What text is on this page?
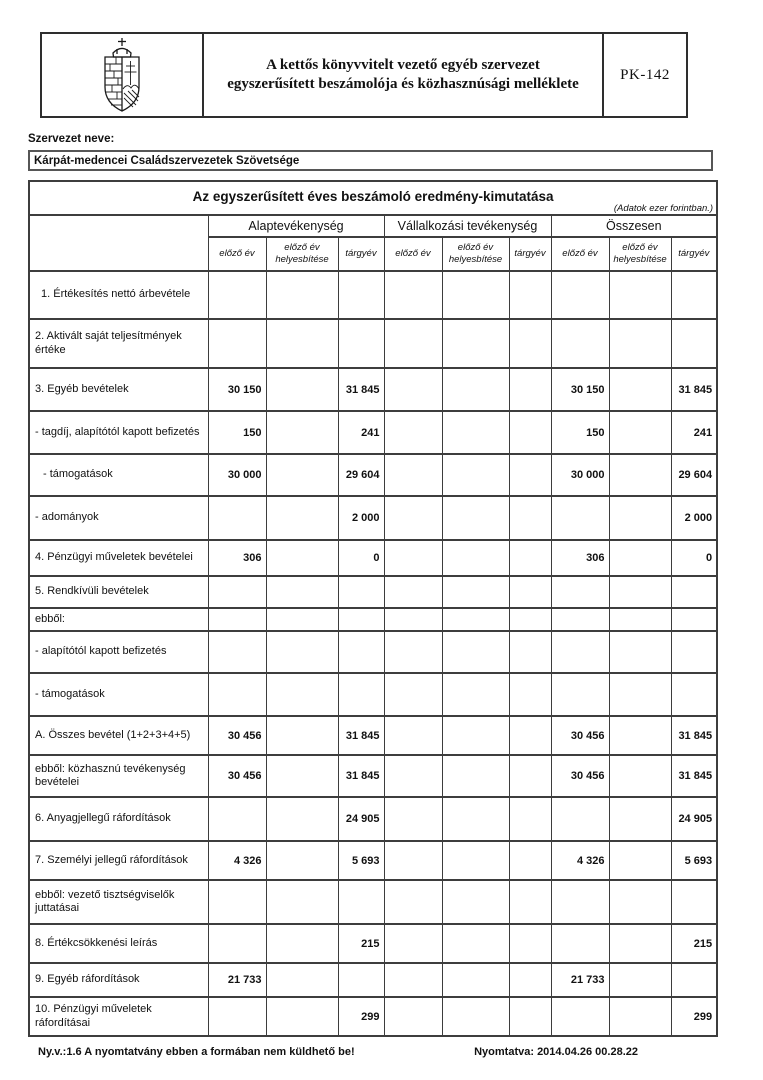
A kettős könyvvitelt vezető egyéb szervezet
egyszerűsített beszámolója és közhasznúsági melléklete
PK-142
Szervezet neve:
Kárpát-medencei Családszervezetek Szövetsége
Az egyszerűsített éves beszámoló eredmény-kimutatása
(Adatok ezer forintban.)									

	Alaptevékenység			Vállalkozási tevékenység			Összesen		
	előző év	előző év helyesbítése	tárgyév	előző év	előző év helyesbítése	tárgyév	előző év	előző év helyesbítése	tárgyév
1. Értékesítés nettó árbevétele									
2. Aktivált saját teljesítmények értéke									
3. Egyéb bevételek	30 150		31 845				30 150		31 845
- tagdíj, alapítótól kapott befizetés	150		241				150		241
- támogatások	30 000		29 604				30 000		29 604
- adományok			2 000						2 000
4. Pénzügyi műveletek bevételei	306		0				306		0
5. Rendkívüli bevételek									
ebből:									
- alapítótól kapott befizetés									
- támogatások									
A. Összes bevétel (1+2+3+4+5)	30 456		31 845				30 456		31 845
ebből: közhasznú tevékenység bevételei	30 456		31 845				30 456		31 845
6. Anyagjellegű ráfordítások			24 905						24 905
7. Személyi jellegű ráfordítások	4 326		5 693				4 326		5 693
ebből: vezető tisztségviselők juttatásai									
8. Értékcsökkenési leírás			215						215
9. Egyéb ráfordítások	21 733						21 733		
10. Pénzügyi műveletek ráfordításai			299						299
Ny.v.:1.6 A nyomtatvány ebben a formában nem küldhető be!	Nyomtatva: 2014.04.26 00.28.22
